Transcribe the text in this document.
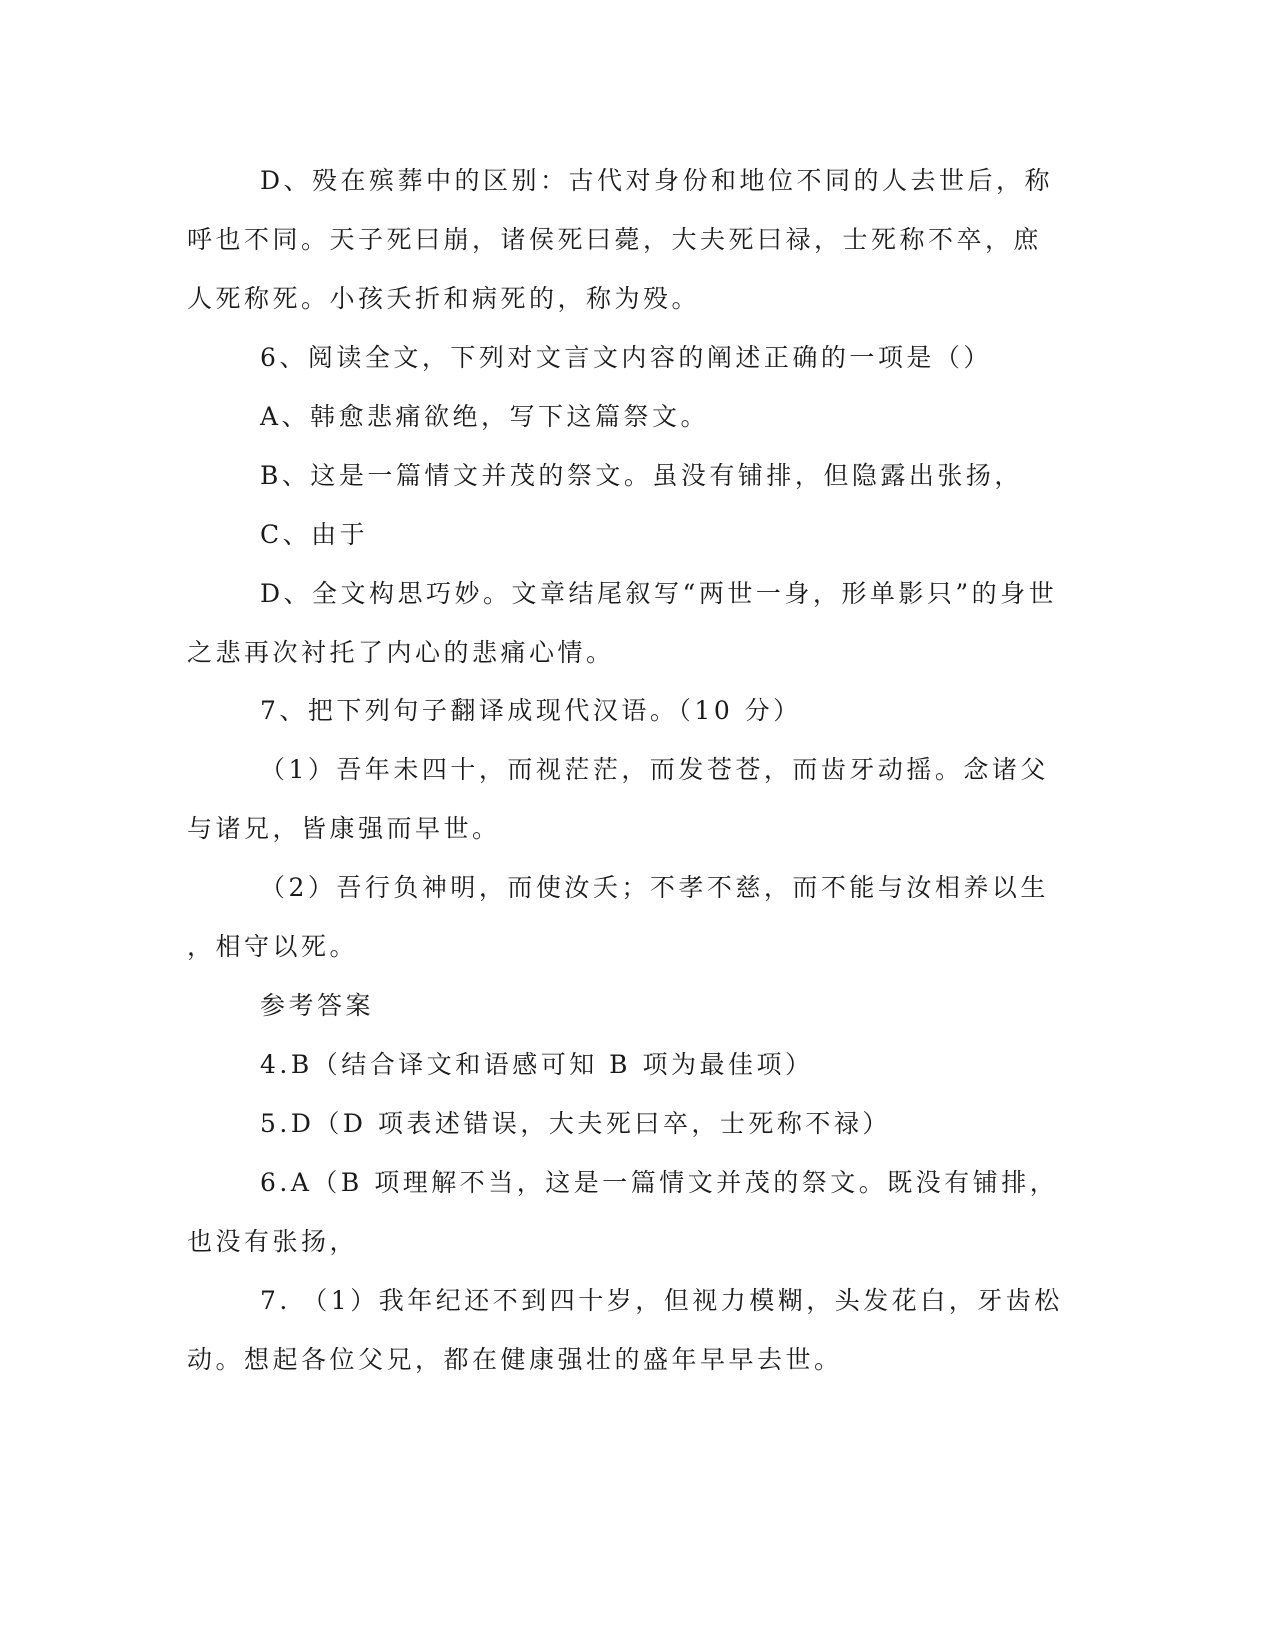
D、殁在殡葬中的区别：古代对身份和地位不同的人去世后，称
呼也不同。天子死曰崩，诸侯死曰薨，大夫死曰禄，士死称不卒，庶
人死称死。小孩夭折和病死的，称为殁。
6、阅读全文，下列对文言文内容的阐述正确的一项是（）
A、韩愈悲痛欲绝，写下这篇祭文。
B、这是一篇情文并茂的祭文。虽没有铺排，但隐露出张扬，
C、由于
D、全文构思巧妙。文章结尾叙写“两世一身，形单影只”的身世
之悲再次衬托了内心的悲痛心情。
7、把下列句子翻译成现代汉语。（10 分）
（1）吾年未四十，而视茫茫，而发苍苍，而齿牙动摇。念诸父
与诸兄，皆康强而早世。
（2）吾行负神明，而使汝夭；不孝不慈，而不能与汝相养以生
，相守以死。
参考答案
4.B（结合译文和语感可知 B 项为最佳项）
5.D（D 项表述错误，大夫死曰卒，士死称不禄）
6.A（B 项理解不当，这是一篇情文并茂的祭文。既没有铺排，
也没有张扬，
7. （1）我年纪还不到四十岁，但视力模糊，头发花白，牙齿松
动。想起各位父兄，都在健康强壮的盛年早早去世。
